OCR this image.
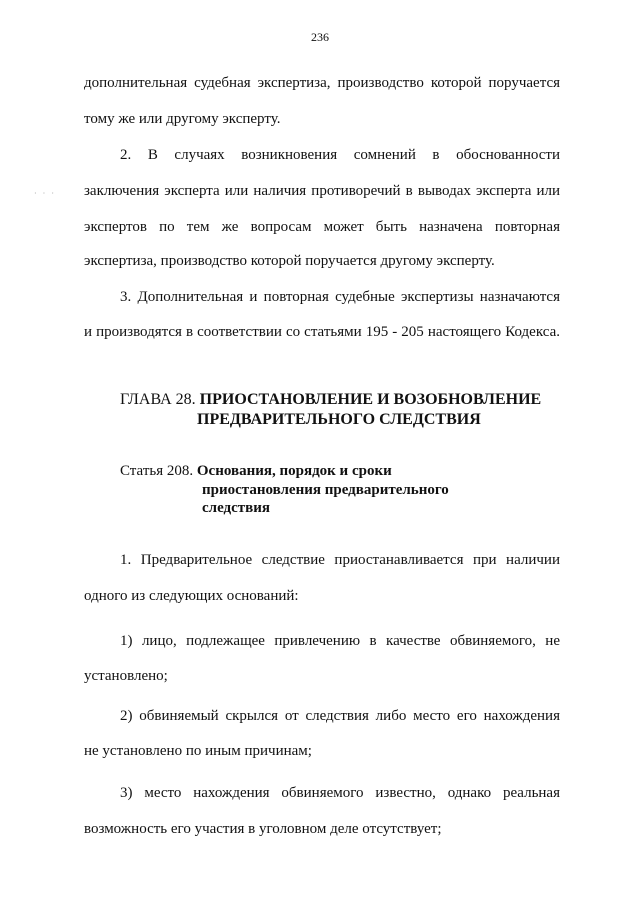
236
· · ·
дополнительная судебная экспертиза, производство которой поручается
тому же или другому эксперту.
2. В случаях возникновения сомнений в обоснованности
заключения эксперта или наличия противоречий в выводах эксперта или
экспертов по тем же вопросам может быть назначена повторная
экспертиза, производство которой поручается другому эксперту.
3. Дополнительная и повторная судебные экспертизы назначаются
и производятся в соответствии со статьями 195 - 205 настоящего Кодекса.
ГЛАВА 28. ПРИОСТАНОВЛЕНИЕ И ВОЗОБНОВЛЕНИЕ
ПРЕДВАРИТЕЛЬНОГО СЛЕДСТВИЯ
Статья 208. Основания, порядок и сроки
приостановления предварительного
следствия
1. Предварительное следствие приостанавливается при наличии
одного из следующих оснований:
1) лицо, подлежащее привлечению в качестве обвиняемого, не
установлено;
2) обвиняемый скрылся от следствия либо место его нахождения
не установлено по иным причинам;
3) место нахождения обвиняемого известно, однако реальная
возможность его участия в уголовном деле отсутствует;
